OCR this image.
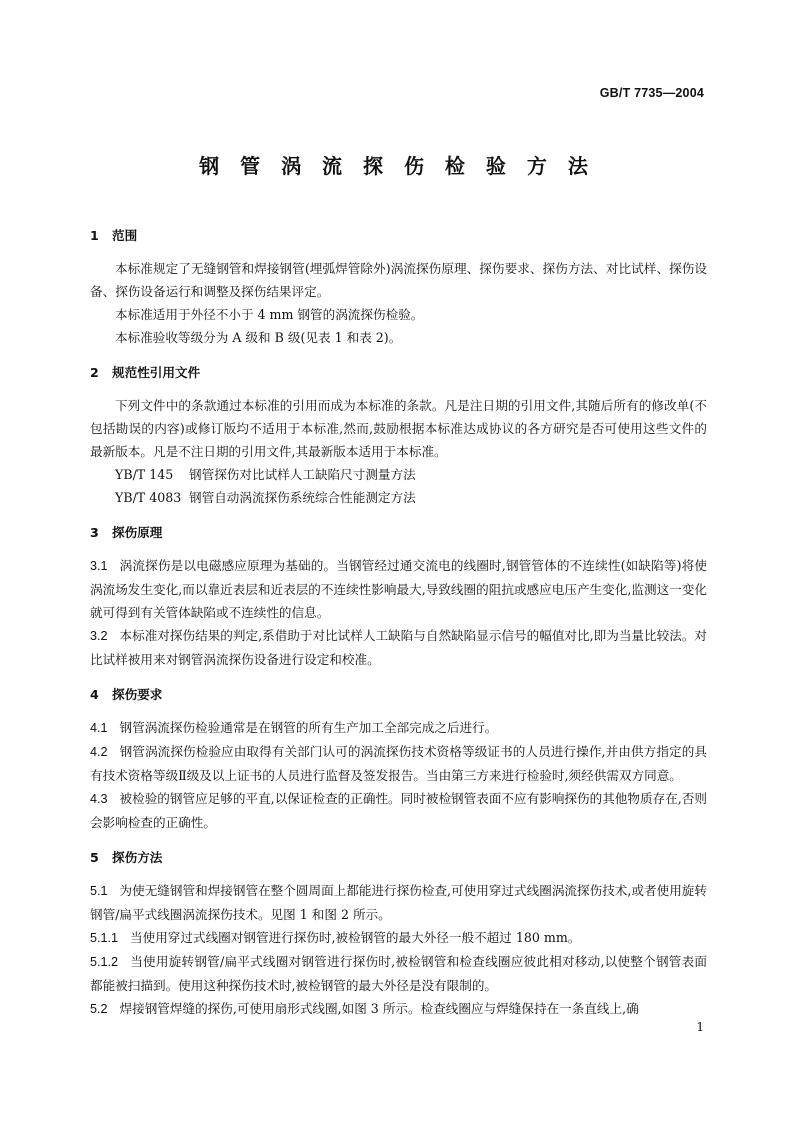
GB/T 7735—2004
钢 管 涡 流 探 伤 检 验 方 法
1 范围

本标准规定了无缝钢管和焊接钢管(埋弧焊管除外)涡流探伤原理、探伤要求、探伤方法、对比试样、探伤设备、探伤设备运行和调整及探伤结果评定。

本标准适用于外径不小于 4 mm 钢管的涡流探伤检验。

本标准验收等级分为 A 级和 B 级(见表 1 和表 2)。

2 规范性引用文件

下列文件中的条款通过本标准的引用而成为本标准的条款。凡是注日期的引用文件,其随后所有的修改单(不包括勘误的内容)或修订版均不适用于本标准,然而,鼓励根据本标准达成协议的各方研究是否可使用这些文件的最新版本。凡是不注日期的引用文件,其最新版本适用于本标准。

YB/T 145 钢管探伤对比试样人工缺陷尺寸测量方法

YB/T 4083 钢管自动涡流探伤系统综合性能测定方法

3 探伤原理

3.1 涡流探伤是以电磁感应原理为基础的。当钢管经过通交流电的线圈时,钢管管体的不连续性(如缺陷等)将使涡流场发生变化,而以靠近表层和近表层的不连续性影响最大,导致线圈的阻抗或感应电压产生变化,监测这一变化就可得到有关管体缺陷或不连续性的信息。

3.2 本标准对探伤结果的判定,系借助于对比试样人工缺陷与自然缺陷显示信号的幅值对比,即为当量比较法。对比试样被用来对钢管涡流探伤设备进行设定和校准。

4 探伤要求

4.1 钢管涡流探伤检验通常是在钢管的所有生产加工全部完成之后进行。

4.2 钢管涡流探伤检验应由取得有关部门认可的涡流探伤技术资格等级证书的人员进行操作,并由供方指定的具有技术资格等级Ⅱ级及以上证书的人员进行监督及签发报告。当由第三方来进行检验时,须经供需双方同意。

4.3 被检验的钢管应足够的平直,以保证检查的正确性。同时被检钢管表面不应有影响探伤的其他物质存在,否则会影响检查的正确性。

5 探伤方法

5.1 为使无缝钢管和焊接钢管在整个圆周面上都能进行探伤检查,可使用穿过式线圈涡流探伤技术,或者使用旋转钢管/扁平式线圈涡流探伤技术。见图 1 和图 2 所示。

5.1.1 当使用穿过式线圈对钢管进行探伤时,被检钢管的最大外径一般不超过 180 mm。

5.1.2 当使用旋转钢管/扁平式线圈对钢管进行探伤时,被检钢管和检查线圈应彼此相对移动,以使整个钢管表面都能被扫描到。使用这种探伤技术时,被检钢管的最大外径是没有限制的。

5.2 焊接钢管焊缝的探伤,可使用扇形式线圈,如图 3 所示。检查线圈应与焊缝保持在一条直线上,确

1
